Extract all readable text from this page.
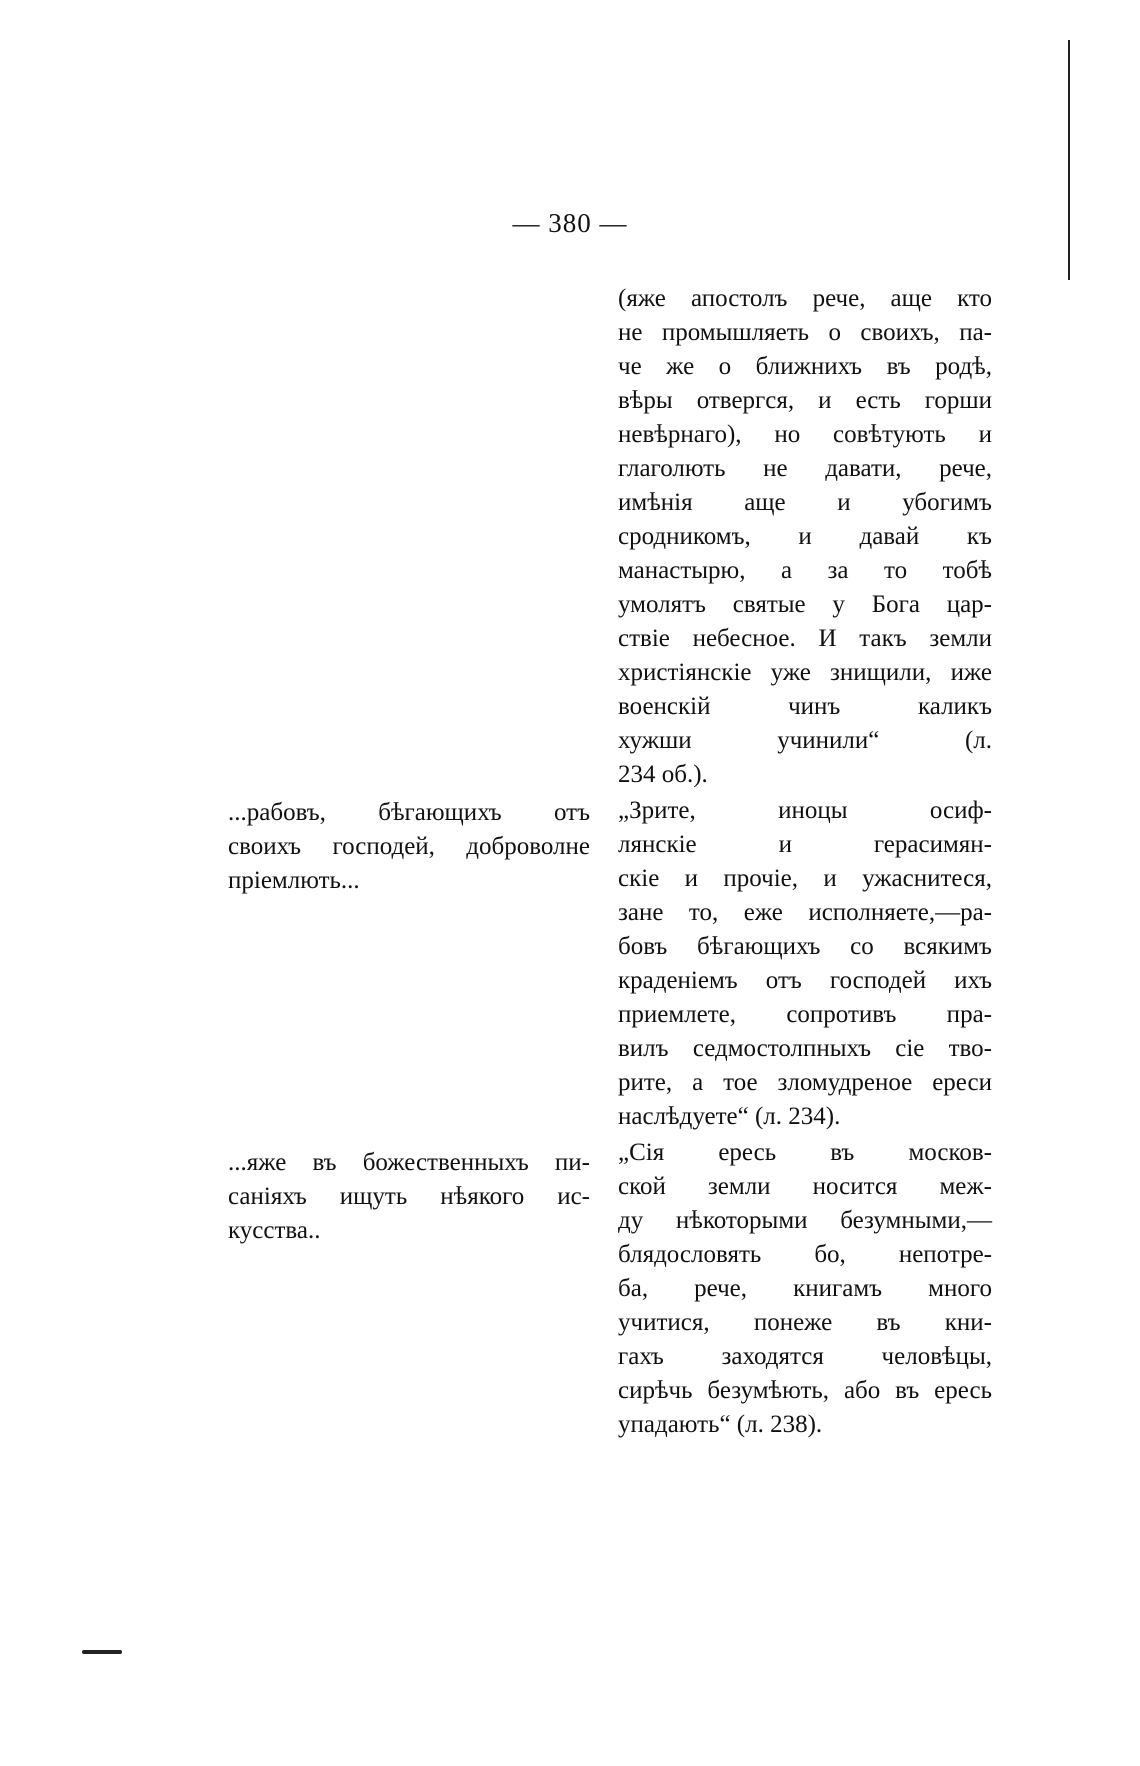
— 380 —
(яже апостолъ рече, аще кто
не промышляеть о своихъ, па-
че же о ближнихъ въ родѣ,
вѣры отвергся, и есть горши
невѣрнаго), но совѣтують и
глаголють не давати, рече,
имѣнія аще и убогимъ
сродникомъ, и давай къ
манастырю, а за то тобѣ
умолятъ святые у Бога цар-
ствіе небесное. И такъ земли
христіянскіе уже знищили, иже
военскій чинъ каликъ
хужши учинили“ (л.
234 об.).
„Зрите, иноцы осиф-
лянскіе и герасимян-
скіе и прочіе, и ужаснитеся,
зане то, еже исполняете,—ра-
бовъ бѣгающихъ со всякимъ
краденіемъ отъ господей ихъ
приемлете, сопротивъ пра-
вилъ седмостолпныхъ сіе тво-
рите, а тое зломудреное ереси
наслѣдуете“ (л. 234).
„Сія ересь въ москов-
ской земли носится меж-
ду нѣкоторыми безумными,—
блядословять бо, непотре-
ба, рече, книгамъ много
учитися, понеже въ кни-
гахъ заходятся человѣцы,
сирѣчь безумѣють, або въ ересь
упадають“ (л. 238).
...рабовъ, бѣгающихъ отъ
своихъ господей, доброволне
пріемлють...
...яже въ божественныхъ пи-
саніяхъ ищуть нѣякого ис-
кусства..
